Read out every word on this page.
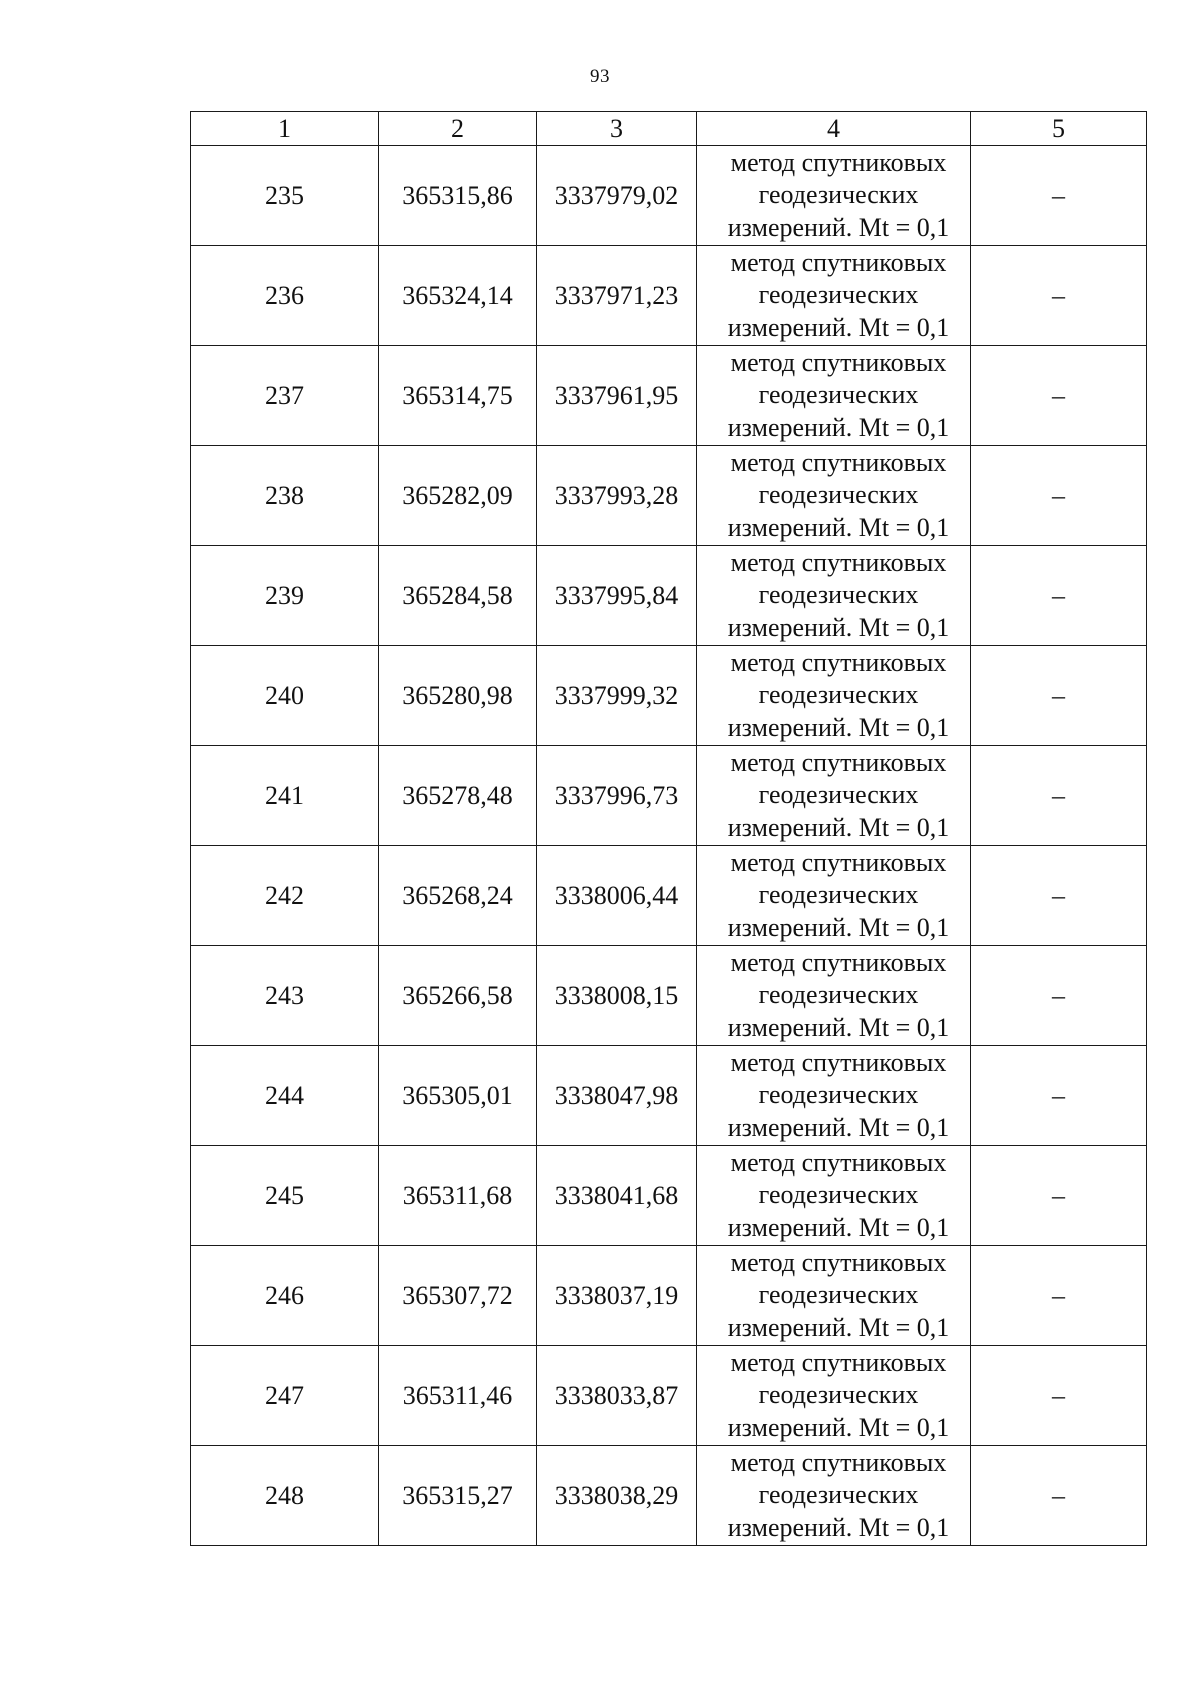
93
1	2	3	4	5
235	365315,86	3337979,02	метод спутниковых
геодезических
измерений. Mt = 0,1	–
236	365324,14	3337971,23	метод спутниковых
геодезических
измерений. Mt = 0,1	–
237	365314,75	3337961,95	метод спутниковых
геодезических
измерений. Mt = 0,1	–
238	365282,09	3337993,28	метод спутниковых
геодезических
измерений. Mt = 0,1	–
239	365284,58	3337995,84	метод спутниковых
геодезических
измерений. Mt = 0,1	–
240	365280,98	3337999,32	метод спутниковых
геодезических
измерений. Mt = 0,1	–
241	365278,48	3337996,73	метод спутниковых
геодезических
измерений. Mt = 0,1	–
242	365268,24	3338006,44	метод спутниковых
геодезических
измерений. Mt = 0,1	–
243	365266,58	3338008,15	метод спутниковых
геодезических
измерений. Mt = 0,1	–
244	365305,01	3338047,98	метод спутниковых
геодезических
измерений. Mt = 0,1	–
245	365311,68	3338041,68	метод спутниковых
геодезических
измерений. Mt = 0,1	–
246	365307,72	3338037,19	метод спутниковых
геодезических
измерений. Mt = 0,1	–
247	365311,46	3338033,87	метод спутниковых
геодезических
измерений. Mt = 0,1	–
248	365315,27	3338038,29	метод спутниковых
геодезических
измерений. Mt = 0,1	–
